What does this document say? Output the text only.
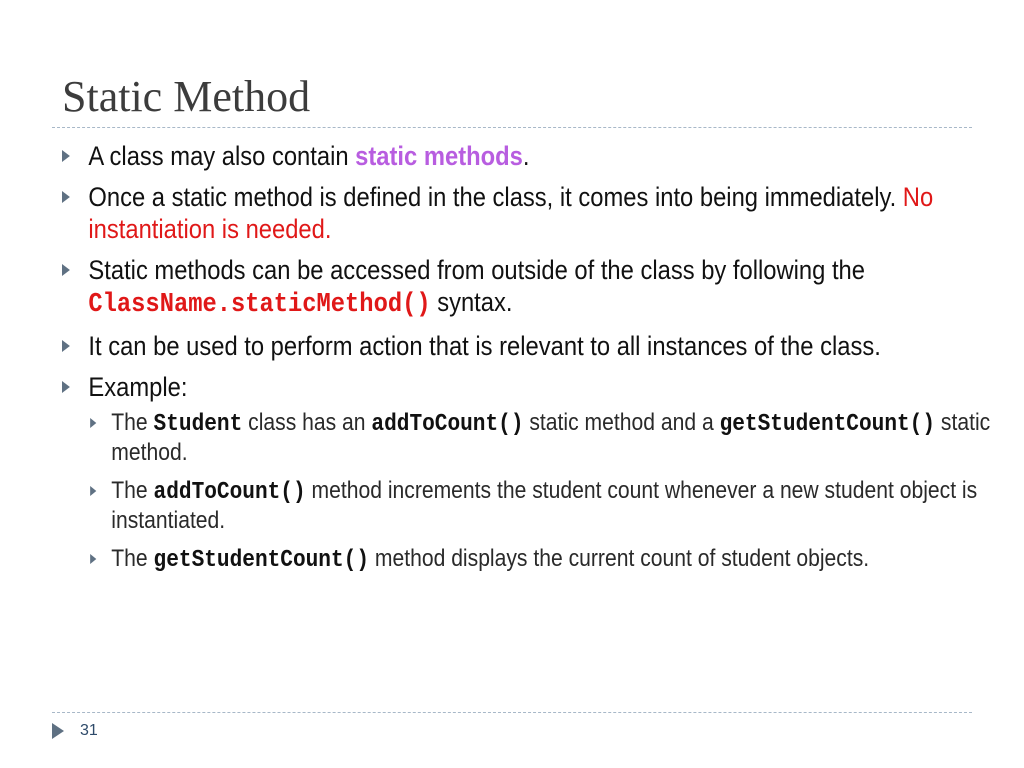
Static Method
A class may also contain static methods.
Once a static method is defined in the class, it comes into being immediately. No instantiation is needed.
Static methods can be accessed from outside of the class by following the ClassName.staticMethod() syntax.
It can be used to perform action that is relevant to all instances of the class.
Example:
The Student class has an addToCount() static method and a getStudentCount() static method.
The addToCount() method increments the student count whenever a new student object is instantiated.
The getStudentCount() method displays the current count of student objects.
31
